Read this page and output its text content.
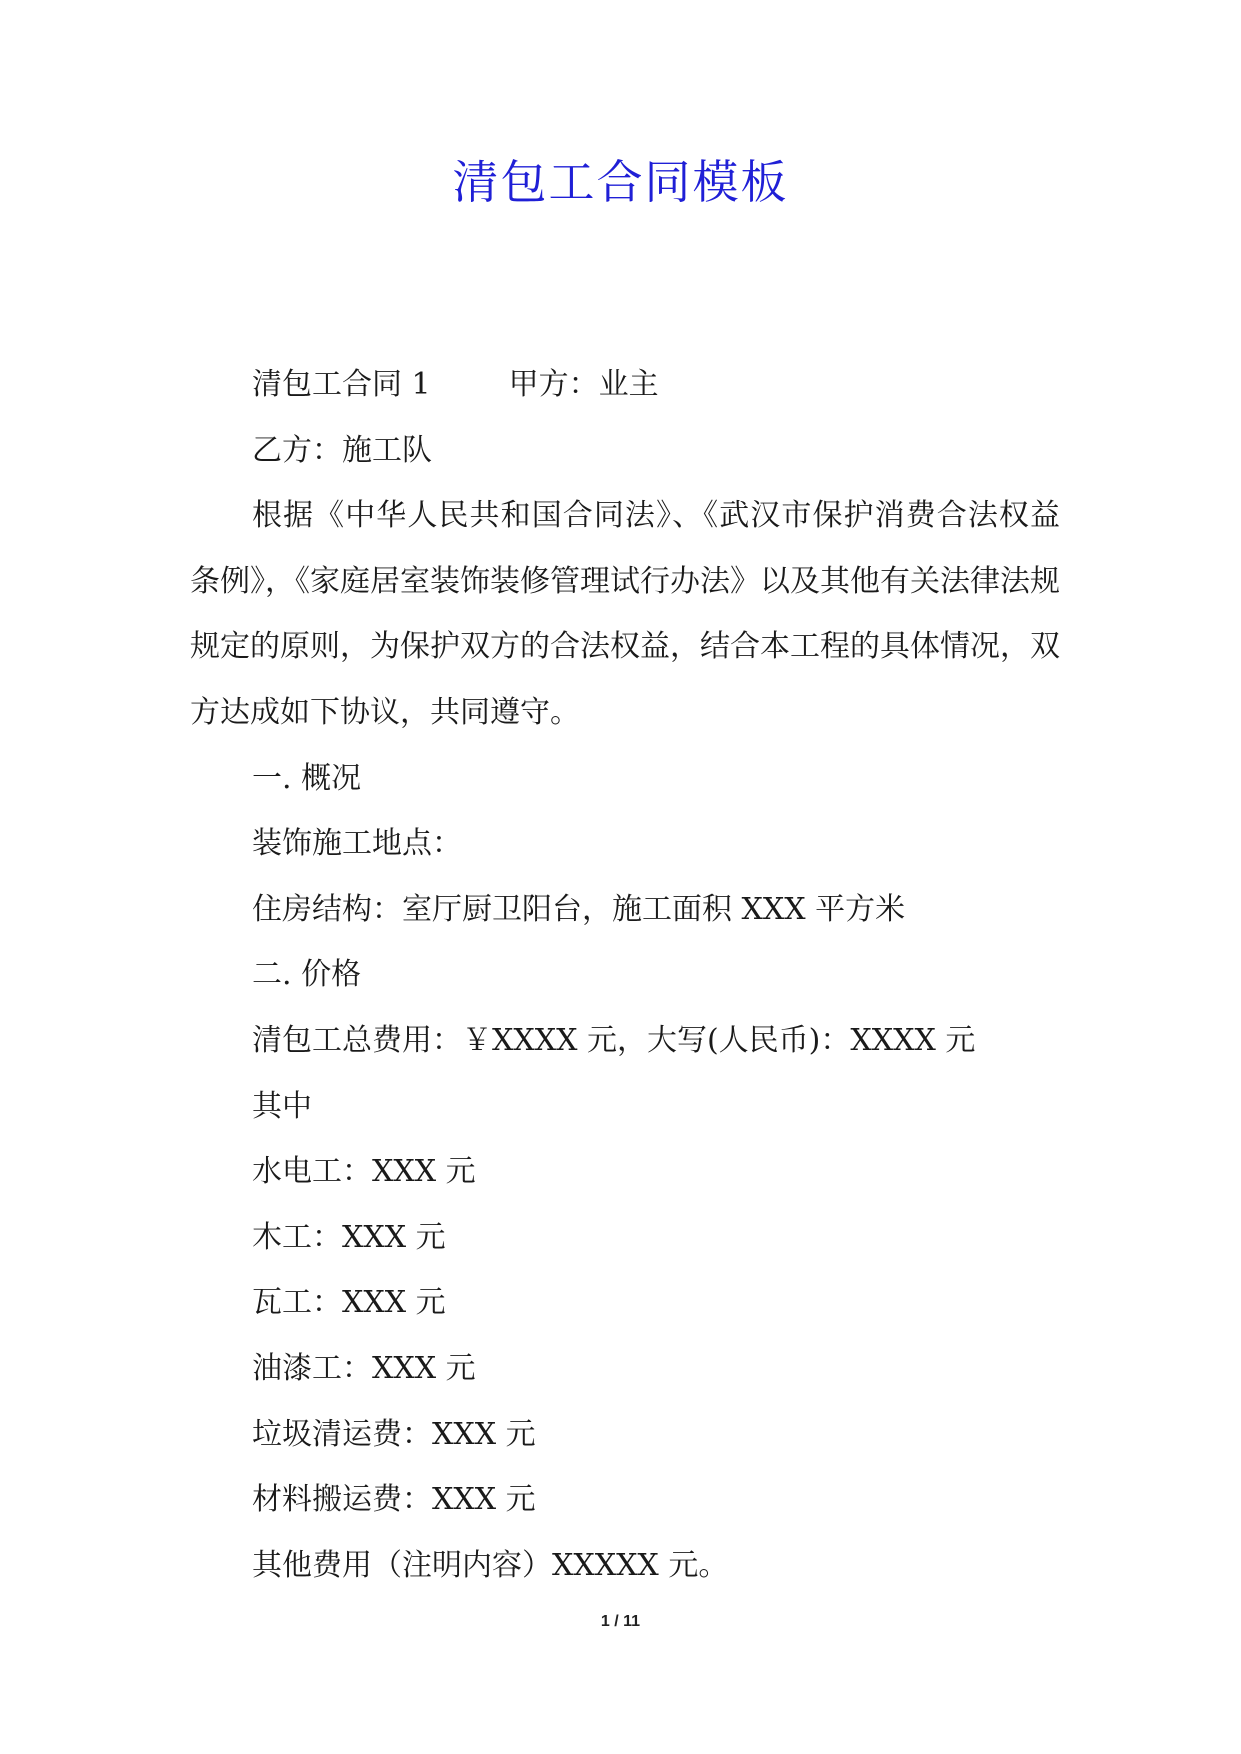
清包工合同模板

清包工合同 1	甲方：业主

乙方：施工队

根据《中华人民共和国合同法》、《武汉市保护消费合法权益条例》，《家庭居室装饰装修管理试行办法》以及其他有关法律法规规定的原则，为保护双方的合法权益，结合本工程的具体情况，双方达成如下协议，共同遵守。

一. 概况

装饰施工地点：

住房结构：室厅厨卫阳台，施工面积 XXX 平方米

二. 价格

清包工总费用：￥XXXX 元，大写(人民币)：XXXX 元

其中

水电工：XXX 元

木工：XXX 元

瓦工：XXX 元

油漆工：XXX 元

垃圾清运费：XXX 元

材料搬运费：XXX 元

其他费用（注明内容）XXXXX 元。

1 / 11
